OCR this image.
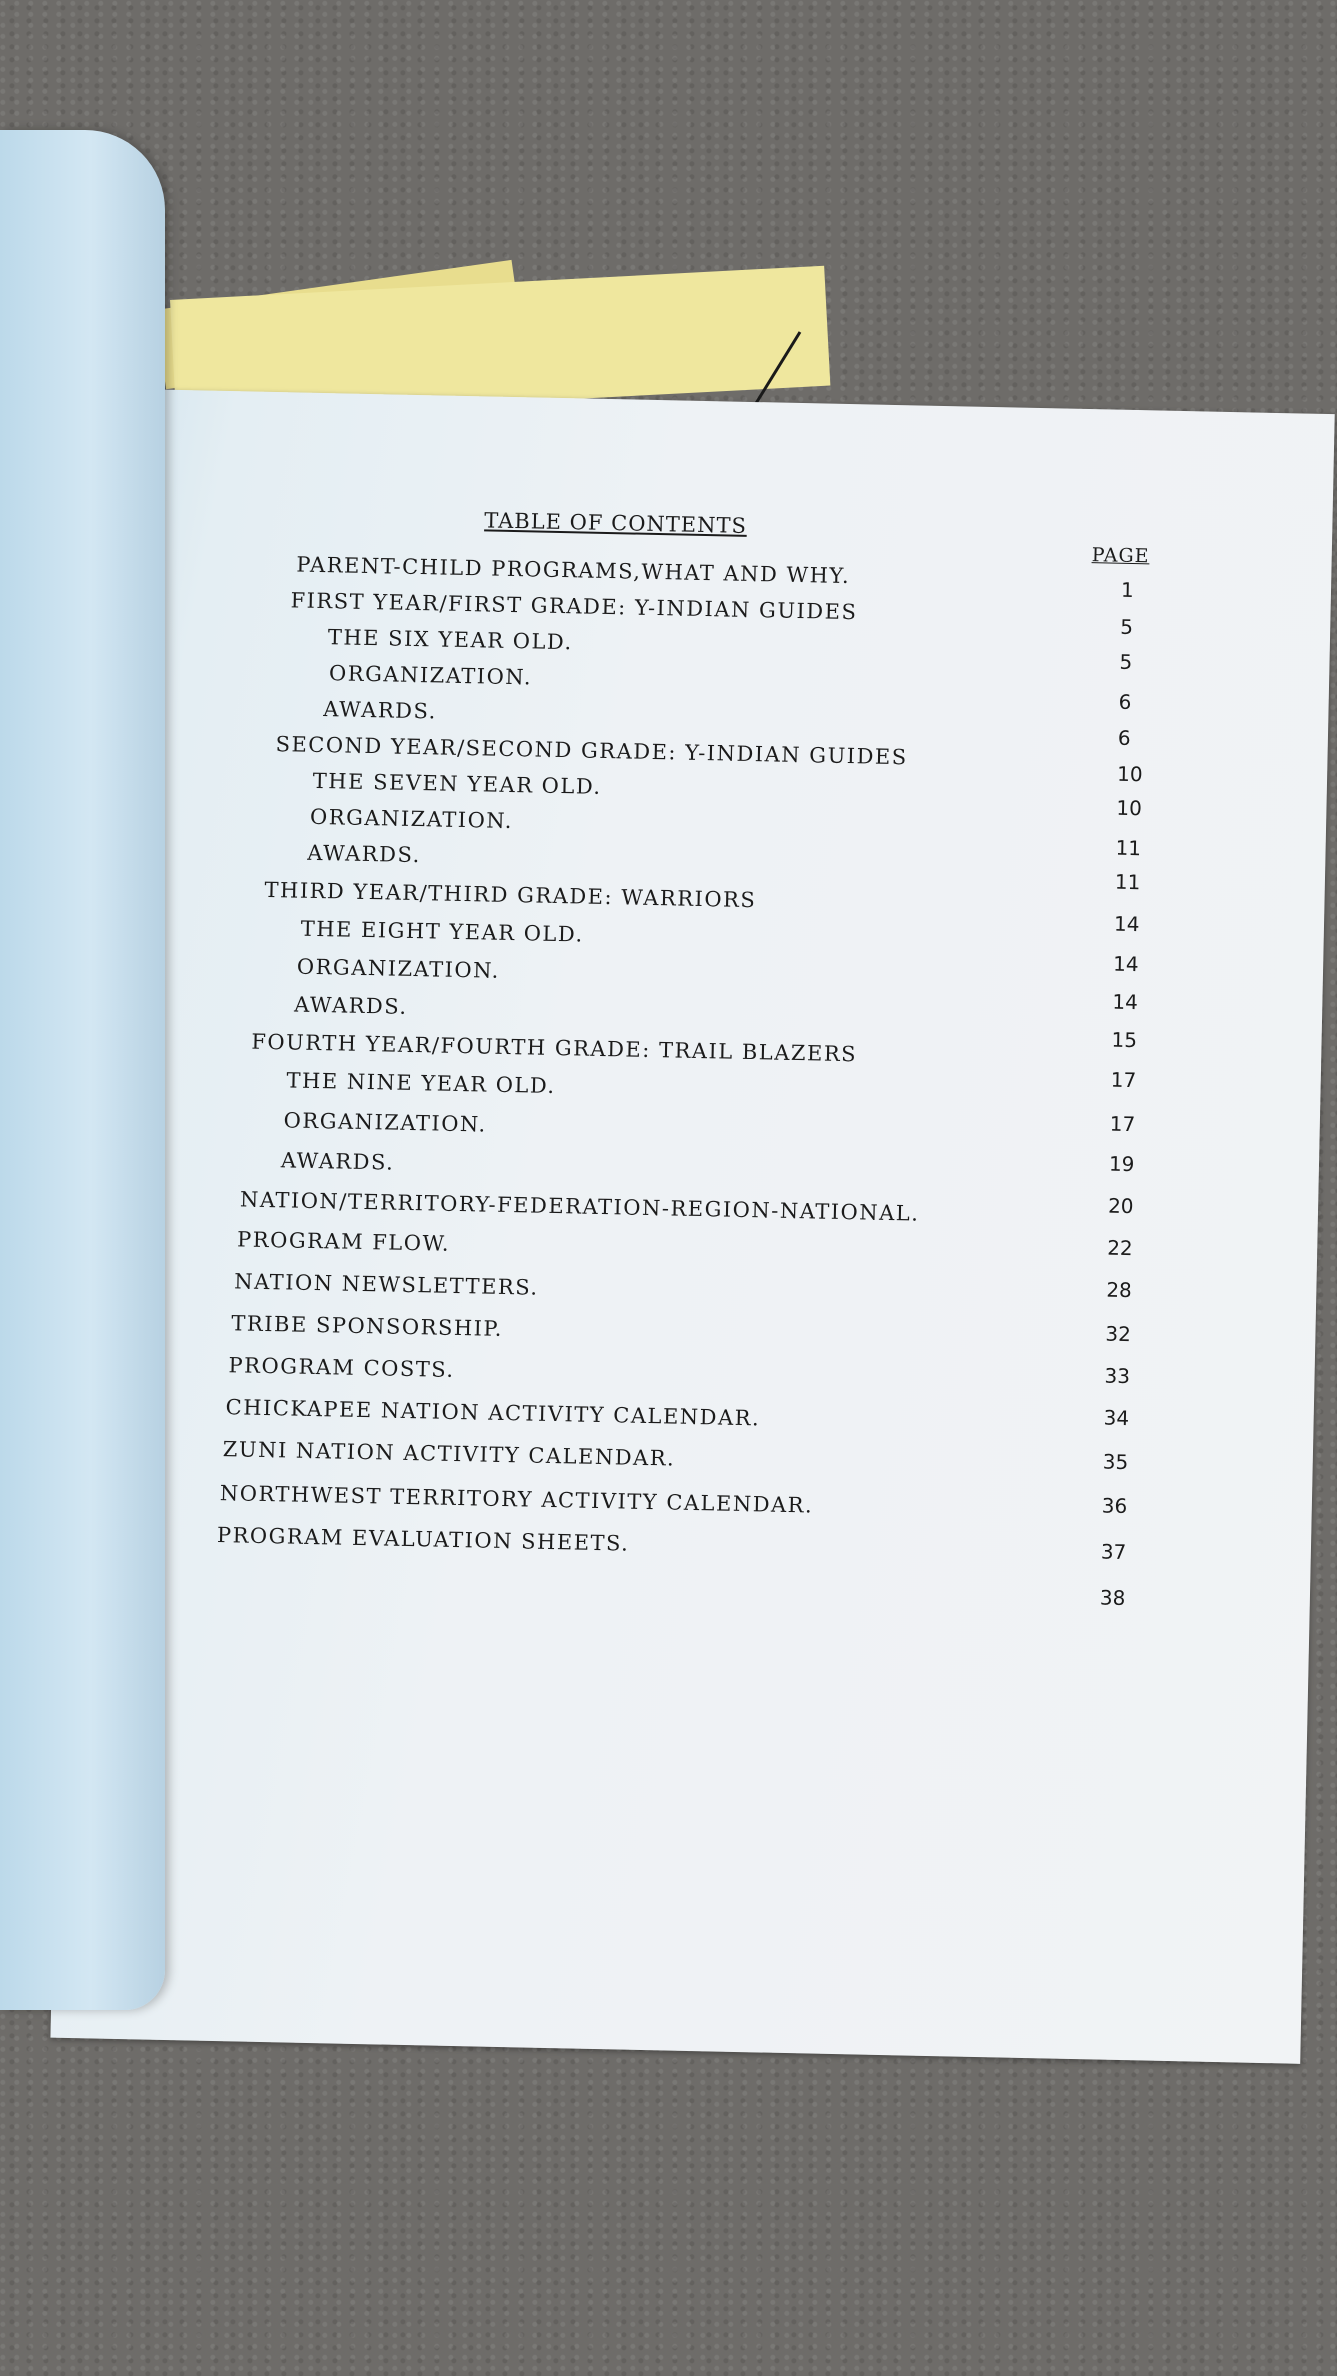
TABLE OF CONTENTS
PAGE
PARENT-CHILD PROGRAMS,WHAT AND WHY.
1
FIRST YEAR/FIRST GRADE: Y-INDIAN GUIDES
5
THE SIX YEAR OLD.
5
ORGANIZATION.
6
AWARDS.
6
SECOND YEAR/SECOND GRADE: Y-INDIAN GUIDES
10
THE SEVEN YEAR OLD.
10
ORGANIZATION.
11
AWARDS.
11
THIRD YEAR/THIRD GRADE: WARRIORS
14
THE EIGHT YEAR OLD.
14
ORGANIZATION.
14
AWARDS.
15
FOURTH YEAR/FOURTH GRADE: TRAIL BLAZERS
17
THE NINE YEAR OLD.
17
ORGANIZATION.
19
AWARDS.
20
NATION/TERRITORY-FEDERATION-REGION-NATIONAL.
22
PROGRAM FLOW.
28
NATION NEWSLETTERS.
32
TRIBE SPONSORSHIP.
33
PROGRAM COSTS.
34
CHICKAPEE NATION ACTIVITY CALENDAR.
35
ZUNI NATION ACTIVITY CALENDAR.
36
NORTHWEST TERRITORY ACTIVITY CALENDAR.
37
PROGRAM EVALUATION SHEETS.
38
